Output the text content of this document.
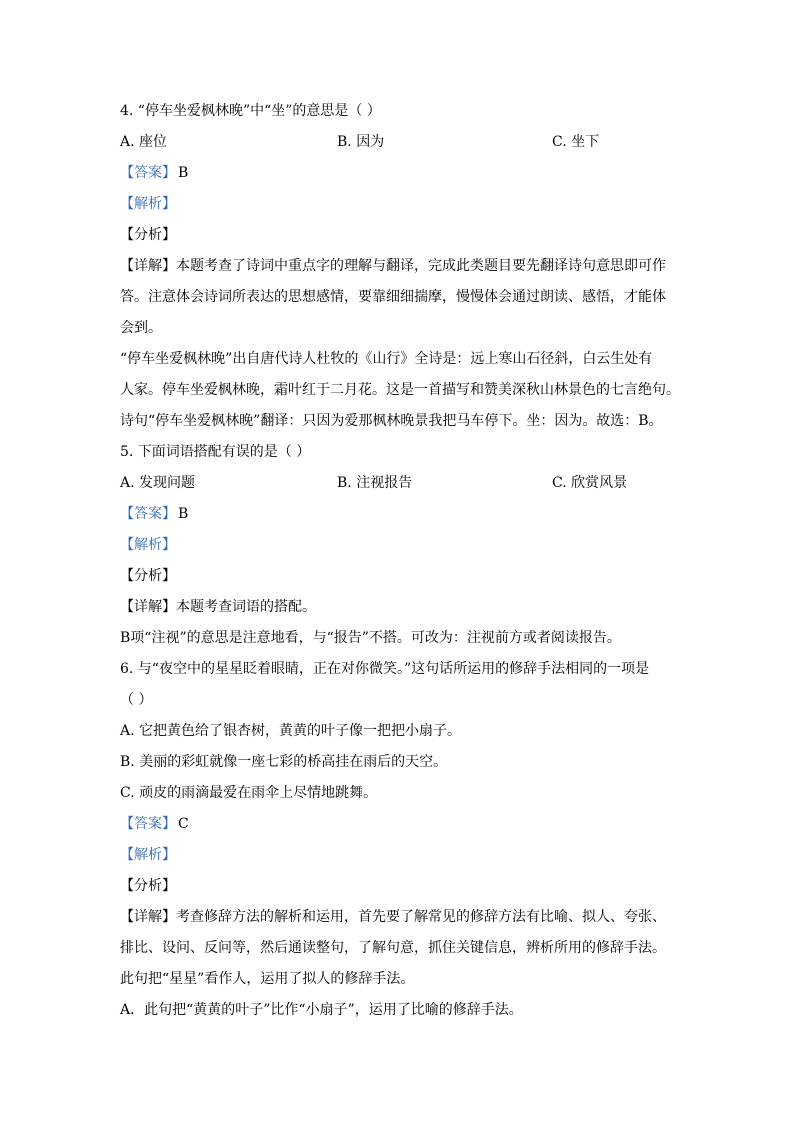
4. “停车坐爱枫林晚”中“坐”的意思是（ ）

A. 座位	B. 因为	C. 坐下

【答案】 B

【解析】

【分析】

【详解】本题考查了诗词中重点字的理解与翻译，完成此类题目要先翻译诗句意思即可作

答。注意体会诗词所表达的思想感情，要靠细细揣摩，慢慢体会通过朗读、感悟，才能体

会到。

“停车坐爱枫林晚”出自唐代诗人杜牧的《山行》全诗是：远上寒山石径斜，白云生处有

人家。停车坐爱枫林晚，霜叶红于二月花。这是一首描写和赞美深秋山林景色的七言绝句。

诗句“停车坐爱枫林晚”翻译：只因为爱那枫林晚景我把马车停下。坐：因为。故选：B。

5. 下面词语搭配有误的是（ ）

A. 发现问题	B. 注视报告	C. 欣赏风景

【答案】 B

【解析】

【分析】

【详解】本题考查词语的搭配。

B项“注视”的意思是注意地看，与“报告”不搭。可改为：注视前方或者阅读报告。

6. 与“夜空中的星星眨着眼睛，正在对你微笑。”这句话所运用的修辞手法相同的一项是

（ ）

A. 它把黄色给了银杏树，黄黄的叶子像一把把小扇子。

B. 美丽的彩虹就像一座七彩的桥高挂在雨后的天空。

C. 顽皮的雨滴最爱在雨伞上尽情地跳舞。

【答案】 C

【解析】

【分析】

【详解】考查修辞方法的解析和运用，首先要了解常见的修辞方法有比喻、拟人、夸张、

排比、设问、反问等，然后通读整句，了解句意，抓住关键信息，辨析所用的修辞手法。

此句把“星星”看作人，运用了拟人的修辞手法。

A．此句把“黄黄的叶子”比作“小扇子”，运用了比喻的修辞手法。
